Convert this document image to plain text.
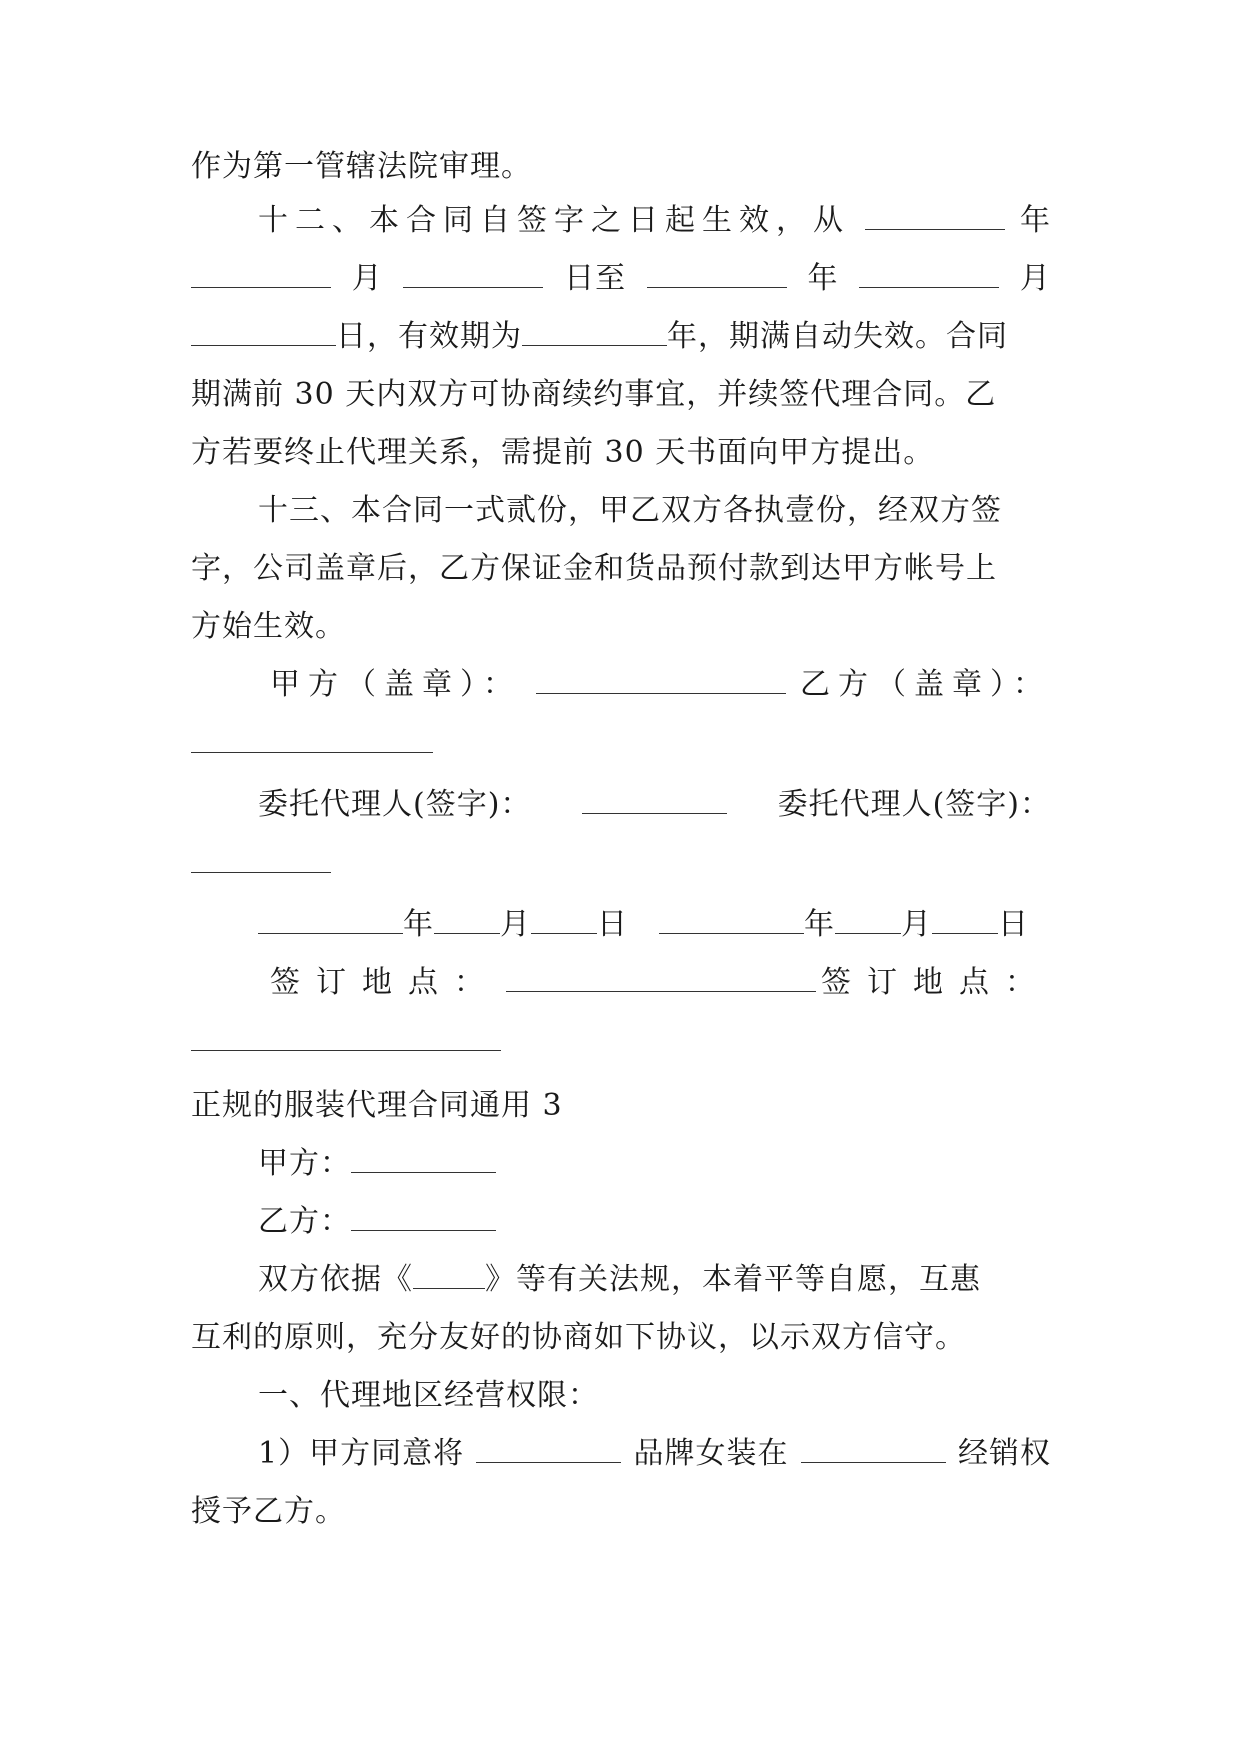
作为第一管辖法院审理。
十二、本合同自签字之日起生效，从	年
月	日至	年	月
日，有效期为	年，期满自动失效。合同
期满前 30 天内双方可协商续约事宜，并续签代理合同。乙
方若要终止代理关系，需提前 30 天书面向甲方提出。
十三、本合同一式贰份，甲乙双方各执壹份，经双方签
字，公司盖章后，乙方保证金和货品预付款到达甲方帐号上
方始生效。
甲方（盖章）：	乙方（盖章）：
委托代理人(签字)：	委托代理人(签字)：
年 月 日	年 月 日
签订地点：	签订地点：
正规的服装代理合同通用 3
甲方：
乙方：
双方依据《 》等有关法规，本着平等自愿，互惠
互利的原则，充分友好的协商如下协议，以示双方信守。
一、代理地区经营权限：
1）甲方同意将	品牌女装在	经销权
授予乙方。
